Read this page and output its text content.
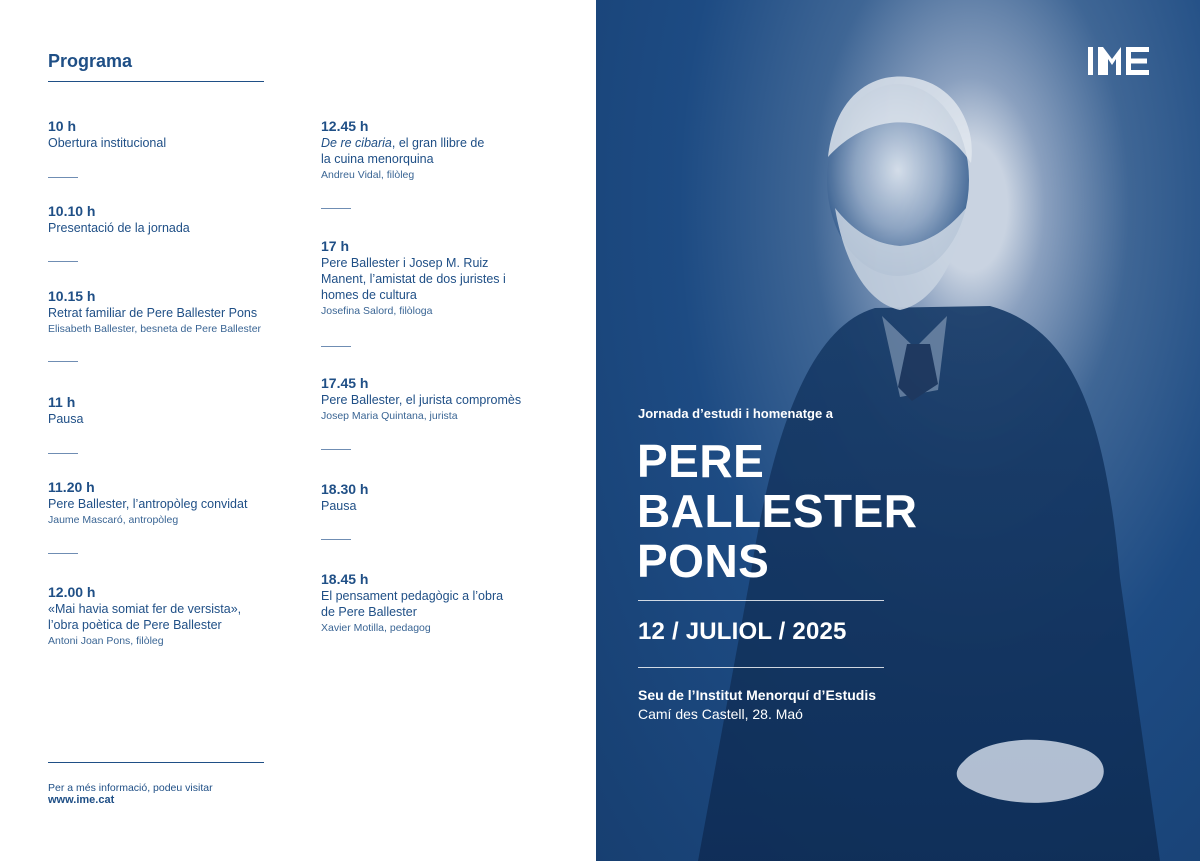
Programa
10 h
Obertura institucional
10.10 h
Presentació de la jornada
10.15 h
Retrat familiar de Pere Ballester Pons
Elisabeth Ballester, besneta de Pere Ballester
11 h
Pausa
11.20 h
Pere Ballester, l’antropòleg convidat
Jaume Mascaró, antropòleg
12.00 h
«Mai havia somiat fer de versista», l’obra poètica de Pere Ballester
Antoni Joan Pons, filòleg
Per a més informació, podeu visitar
www.ime.cat
12.45 h
De re cibaria, el gran llibre de la cuina menorquina
Andreu Vidal, filòleg
17 h
Pere Ballester i Josep M. Ruiz Manent, l’amistat de dos juristes i homes de cultura
Josefina Salord, filòloga
17.45 h
Pere Ballester, el jurista compromès
Josep Maria Quintana, jurista
18.30 h
Pausa
18.45 h
El pensament pedagògic a l’obra de Pere Ballester
Xavier Motilla, pedagog
Jornada d’estudi i homenatge a
PERE
BALLESTER
PONS
12 / JULIOL / 2025
Seu de l’Institut Menorquí d’Estudis
Camí des Castell, 28. Maó
